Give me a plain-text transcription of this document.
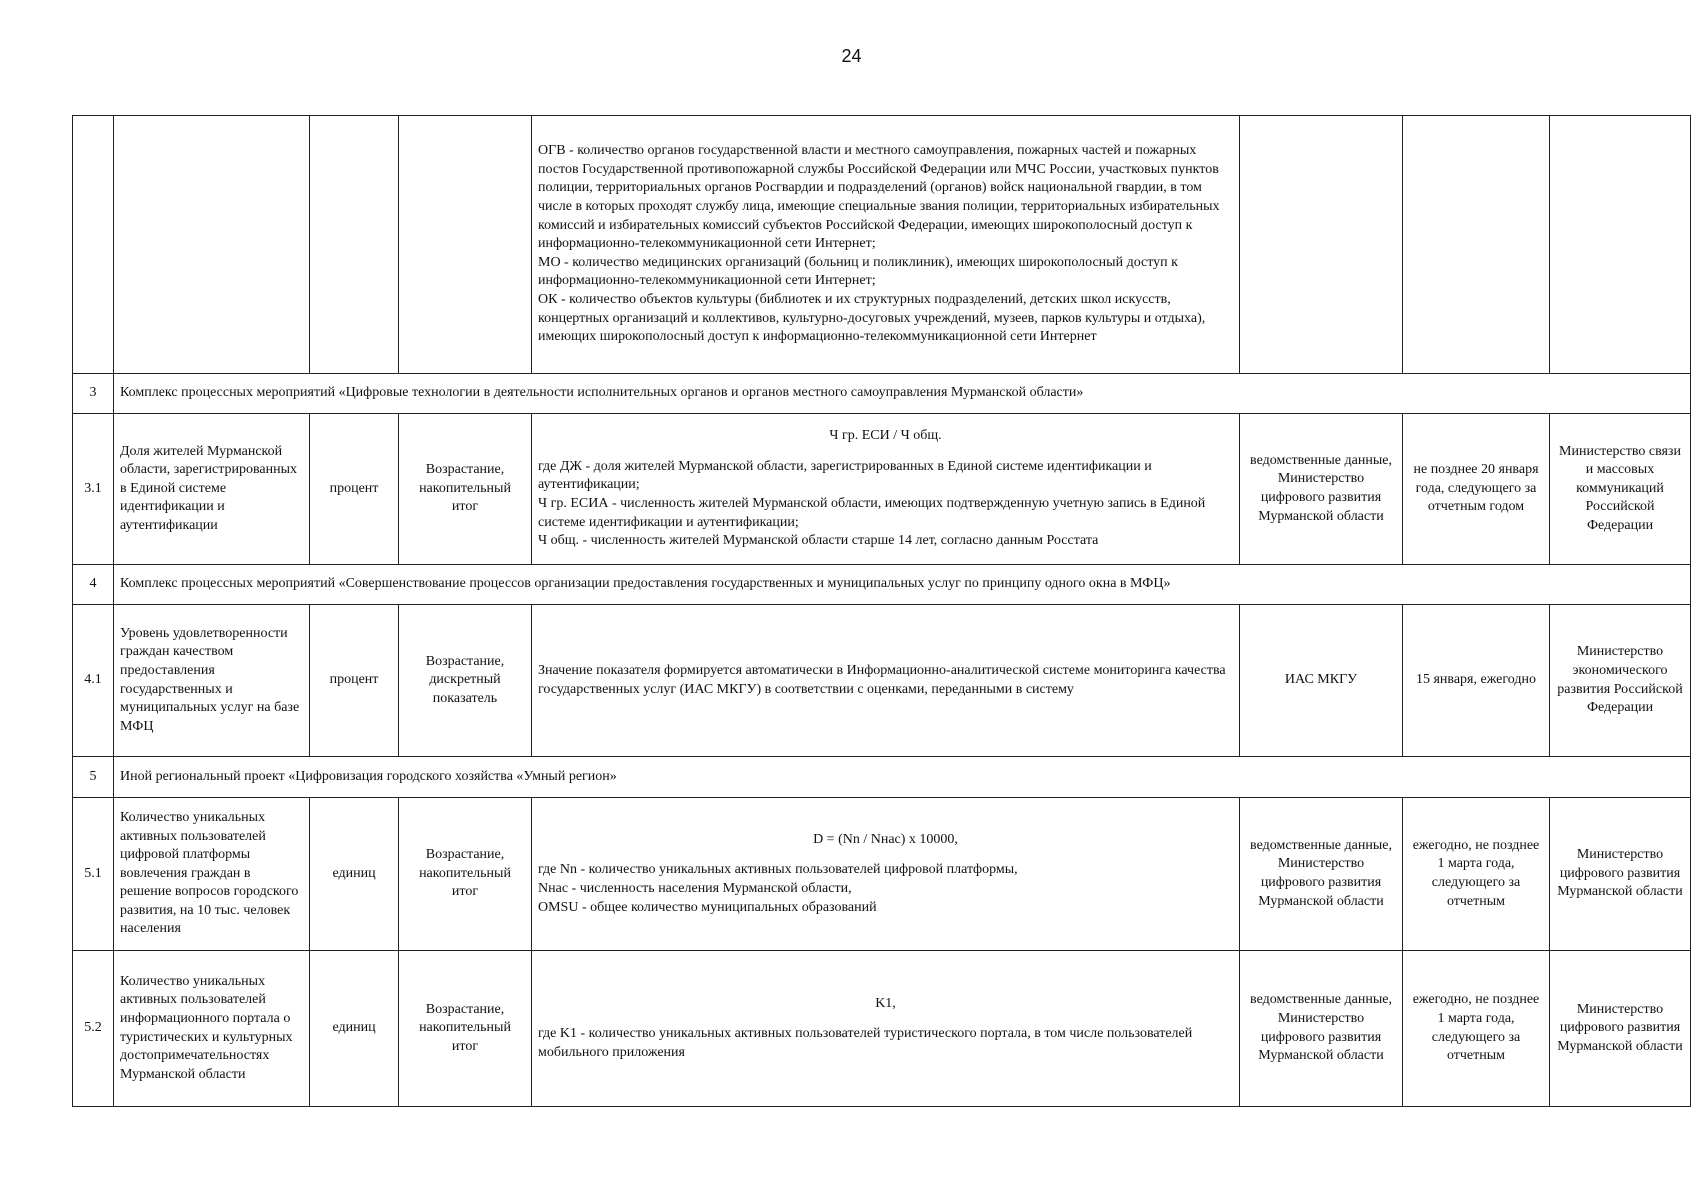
24

				ОГВ - количество органов государственной власти и местного самоуправления, пожарных частей и пожарных постов Государственной противопожарной службы Российской Федерации или МЧС России, участковых пунктов полиции, территориальных органов Росгвардии и подразделений (органов) войск национальной гвардии, в том числе в которых проходят службу лица, имеющие специальные звания полиции, территориальных избирательных комиссий и избирательных комиссий субъектов Российской Федерации, имеющих широкополосный доступ к информационно-телекоммуникационной сети Интернет;
МО - количество медицинских организаций (больниц и поликлиник), имеющих широкополосный доступ к информационно-телекоммуникационной сети Интернет;
ОК - количество объектов культуры (библиотек и их структурных подразделений, детских школ искусств, концертных организаций и коллективов, культурно-досуговых учреждений, музеев, парков культуры и отдыха), имеющих широкополосный доступ к информационно-телекоммуникационной сети Интернет			

3	Комплекс процессных мероприятий «Цифровые технологии в деятельности исполнительных органов и органов местного самоуправления Мурманской области»						
3.1	Доля жителей Мурманской области, зарегистрированных в Единой системе идентификации и аутентификации	процент	Возрастание, накопительный итог	Ч гр. ЕСИ / Ч общ.
где ДЖ - доля жителей Мурманской области, зарегистрированных в Единой системе идентификации и аутентификации;
Ч гр. ЕСИА - численность жителей Мурманской области, имеющих подтвержденную учетную запись в Единой системе идентификации и аутентификации;
Ч общ. - численность жителей Мурманской области старше 14 лет, согласно данным Росстата	ведомственные данные, Министерство цифрового развития Мурманской области	не позднее 20 января года, следующего за отчетным годом	Министерство связи и массовых коммуникаций Российской Федерации
4	Комплекс процессных мероприятий «Совершенствование процессов организации предоставления государственных и муниципальных услуг по принципу одного окна в МФЦ»						
4.1	Уровень удовлетворенности граждан качеством предоставления государственных и муниципальных услуг на базе МФЦ	процент	Возрастание, дискретный показатель	Значение показателя формируется автоматически в Информационно-аналитической системе мониторинга качества государственных услуг (ИАС МКГУ) в соответствии с оценками, переданными в систему	ИАС МКГУ	15 января, ежегодно	Министерство экономического развития Российской Федерации
5	Иной региональный проект «Цифровизация городского хозяйства «Умный регион»						
5.1	Количество уникальных активных пользователей цифровой платформы вовлечения граждан в решение вопросов городского развития, на 10 тыс. человек населения	единиц	Возрастание, накопительный итог	D = (Nn / Nнас) x 10000,
где Nn - количество уникальных активных пользователей цифровой платформы,
Nнас - численность населения Мурманской области,
OMSU - общее количество муниципальных образований	ведомственные данные, Министерство цифрового развития Мурманской области	ежегодно, не позднее 1 марта года, следующего за отчетным	Министерство цифрового развития Мурманской области
5.2	Количество уникальных активных пользователей информационного портала о туристических и культурных достопримечательностях Мурманской области	единиц	Возрастание, накопительный итог	K1,
где K1 - количество уникальных активных пользователей туристического портала, в том числе пользователей мобильного приложения	ведомственные данные, Министерство цифрового развития Мурманской области	ежегодно, не позднее 1 марта года, следующего за отчетным	Министерство цифрового развития Мурманской области
